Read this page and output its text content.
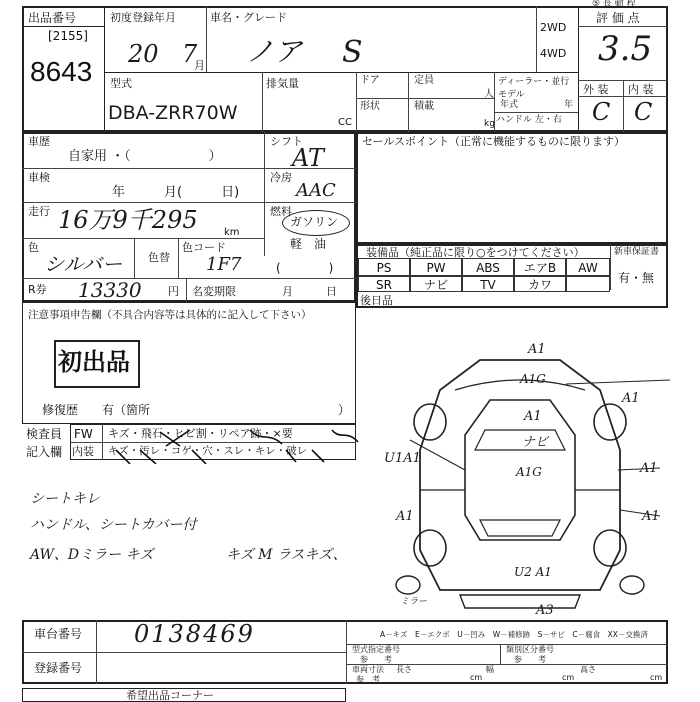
出品番号
[2155]
8643
初度登録年月
20 7
月
車名・グレード
ノア S
2WD
4WD
⑤ 長 動 程
評 価 点
3.5
外 装 内 装
C C
型式
DBA-ZRR70W
排気量
CC
ドア	定員
人
形状	積載
kg
ディーラー・並行
モデル
年式	年
ハンドル 左・右
車歴
自家用 ・（　　　　　　）
シフト
AT
車検
年　　　月(　　　日)
冷房
AAC
走行 16万9千295	km
燃料
ガソリン
軽　油
(　　　　)
色
シルバー 色替
色コード
1F7
R券 13330 円 名変期限	月　　　日
注意事項申告欄（不具合内容等は具体的に記入して下さい）
初出品
修復歴　　有（箇所	）
検査員
記入欄
FW キズ・飛石・ヒビ割・リペア跡・×要
内装 キズ・汚レ・コゲ・穴・スレ・キレ・破レ
シートキレ
ハンドル、シートカバー付
AW、Dミラー キズ	キズ M ラスキズ、
セールスポイント（正常に機能するものに限ります）
装備品（純正品に限り○をつけてください）	新車保証書
有・無
PS	PW	ABS	エアB	AW
SR	ナビ	TV	カワ
後日品
A1
A1G
A1
A1
ナビ
U1A1
A1G	A1
A1	A1
U2 A1
A3
ミラー
車台番号 0138469
登録番号
A－キズ　E－エクボ　U－凹み　W－補修跡　S－サビ　C－腐食　XX－交換済
型式指定番号
参　　考
類別区分番号
参　　考
車両寸法
参　考
長さ
cm
幅
cm
高さ
cm
希望出品コーナー
